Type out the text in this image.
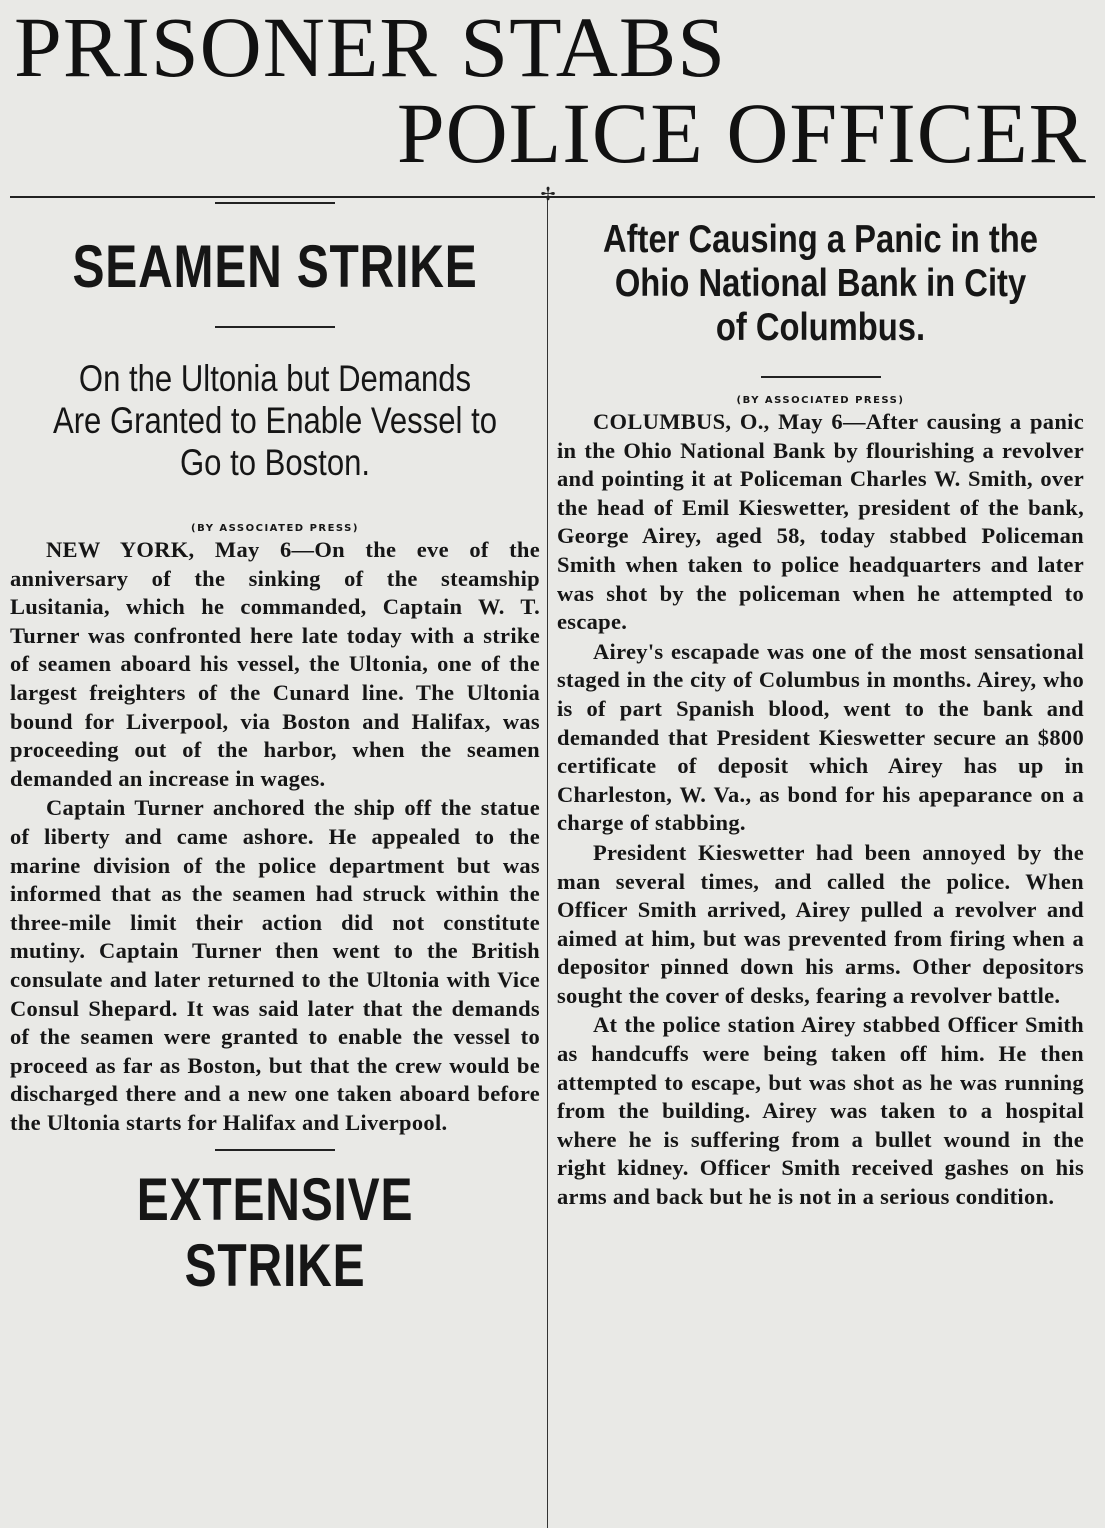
PRISONER STABS
POLICE OFFICER
✢
SEAMEN STRIKE
On the Ultonia but Demands Are Granted to Enable Vessel to Go to Boston.

(BY ASSOCIATED PRESS)

NEW YORK, May 6—On the eve of the anniversary of the sinking of the steamship Lusitania, which he commanded, Captain W. T. Turner was confronted here late today with a strike of seamen aboard his vessel, the Ultonia, one of the largest freighters of the Cunard line. The Ultonia bound for Liverpool, via Boston and Halifax, was proceeding out of the harbor, when the seamen demanded an increase in wages.

Captain Turner anchored the ship off the statue of liberty and came ashore. He appealed to the marine division of the police department but was informed that as the seamen had struck within the three-mile limit their action did not constitute mutiny. Captain Turner then went to the British consulate and later returned to the Ultonia with Vice Consul Shepard. It was said later that the demands of the seamen were granted to enable the vessel to proceed as far as Boston, but that the crew would be discharged there and a new one taken aboard before the Ultonia starts for Halifax and Liverpool.

EXTENSIVE STRIKE
After Causing a Panic in the Ohio National Bank in City of Columbus.

(BY ASSOCIATED PRESS)

COLUMBUS, O., May 6—After causing a panic in the Ohio National Bank by flourishing a revolver and pointing it at Policeman Charles W. Smith, over the head of Emil Kieswetter, president of the bank, George Airey, aged 58, today stabbed Policeman Smith when taken to police headquarters and later was shot by the policeman when he attempted to escape.

Airey's escapade was one of the most sensational staged in the city of Columbus in months. Airey, who is of part Spanish blood, went to the bank and demanded that President Kieswetter secure an $800 certificate of deposit which Airey has up in Charleston, W. Va., as bond for his apeparance on a charge of stabbing.

President Kieswetter had been annoyed by the man several times, and called the police. When Officer Smith arrived, Airey pulled a revolver and aimed at him, but was prevented from firing when a depositor pinned down his arms. Other depositors sought the cover of desks, fearing a revolver battle.

At the police station Airey stabbed Officer Smith as handcuffs were being taken off him. He then attempted to escape, but was shot as he was running from the building. Airey was taken to a hospital where he is suffering from a bullet wound in the right kidney. Officer Smith received gashes on his arms and back but he is not in a serious condition.
